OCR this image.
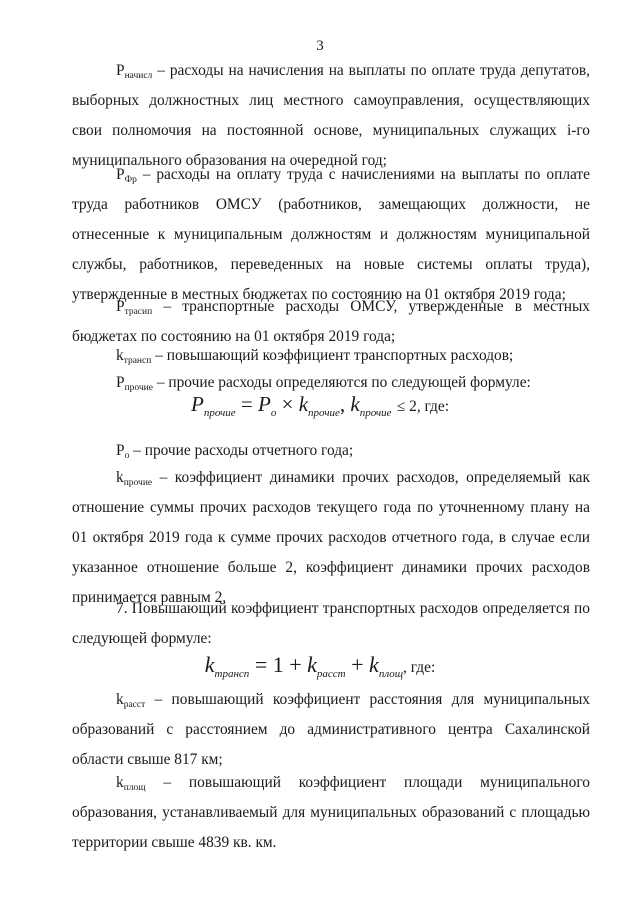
3

$P_{начисл}$ – расходы на начисления на выплаты по оплате труда депутатов, выборных должностных лиц местного самоуправления, осуществляющих свои полномочия на постоянной основе, муниципальных служащих i-го муниципального образования на очередной год;

$P_{Фр}$ – расходы на оплату труда с начислениями на выплаты по оплате труда работников ОМСУ (работников, замещающих должности, не отнесенные к муниципальным должностям и должностям муниципальной службы, работников, переведенных на новые системы оплаты труда), утвержденные в местных бюджетах по состоянию на 01 октября 2019 года;

$P_{трасип}$ – транспортные расходы ОМСУ, утвержденные в местных бюджетах по состоянию на 01 октября 2019 года;

$k_{трансп}$ – повышающий коэффициент транспортных расходов;

$P_{прочие}$ – прочие расходы определяются по следующей формуле:

$P_{прочие} = P_о \times k_{прочие}$, $k_{прочие} \le 2$, где:

$P_о$ – прочие расходы отчетного года;

$k_{прочие}$ – коэффициент динамики прочих расходов, определяемый как отношение суммы прочих расходов текущего года по уточненному плану на 01 октября 2019 года к сумме прочих расходов отчетного года, в случае если указанное отношение больше 2, коэффициент динамики прочих расходов принимается равным 2.

7. Повышающий коэффициент транспортных расходов определяется по следующей формуле:

$k_{трансп} = 1 + k_{расст} + k_{площ}$, где:

$k_{расст}$ – повышающий коэффициент расстояния для муниципальных образований с расстоянием до административного центра Сахалинской области свыше 817 км;

$k_{площ}$ – повышающий коэффициент площади муниципального образования, устанавливаемый для муниципальных образований с площадью территории свыше 4839 кв. км.
